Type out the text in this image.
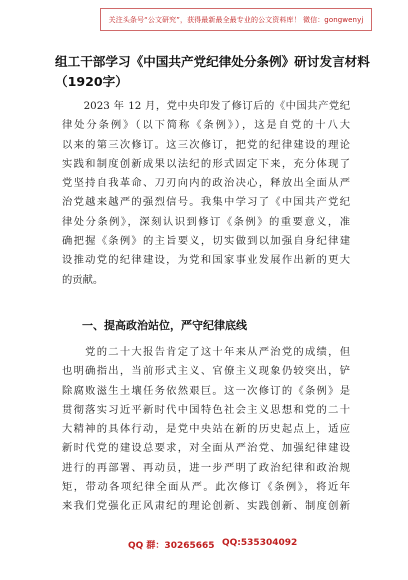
关注头条号“公文研究”，获得最新最全最专业的公文资料库！ 微信：gongwenyj
组工干部学习《中国共产党纪律处分条例》研讨发言材料
（1920字）
　　2023 年 12 月，党中央印发了修订后的《中国共产党纪
律处分条例》（以下简称《条例》），这是自党的十八大
以来的第三次修订。这三次修订，把党的纪律建设的理论
实践和制度创新成果以法纪的形式固定下来，充分体现了
党坚持自我革命、刀刃向内的政治决心，释放出全面从严
治党越来越严的强烈信号。我集中学习了《中国共产党纪
律处分条例》，深刻认识到修订《条例》的重要意义，准
确把握《条例》的主旨要义，切实做到以加强自身纪律建
设推动党的纪律建设，为党和国家事业发展作出新的更大
的贡献。
一、提高政治站位，严守纪律底线
　　党的二十大报告肯定了这十年来从严治党的成绩，但
也明确指出，当前形式主义、官僚主义现象仍较突出，铲
除腐败滋生土壤任务依然艰巨。这一次修订的《条例》是
贯彻落实习近平新时代中国特色社会主义思想和党的二十
大精神的具体行动，是党中央站在新的历史起点上，适应
新时代党的建设总要求，对全面从严治党、加强纪律建设
进行的再部署、再动员，进一步严明了政治纪律和政治规
矩，带动各项纪律全面从严。此次修订《条例》，将近年
来我们党强化正风肃纪的理论创新、实践创新、制度创新
QQ 群：30265665 QQ:535304092
